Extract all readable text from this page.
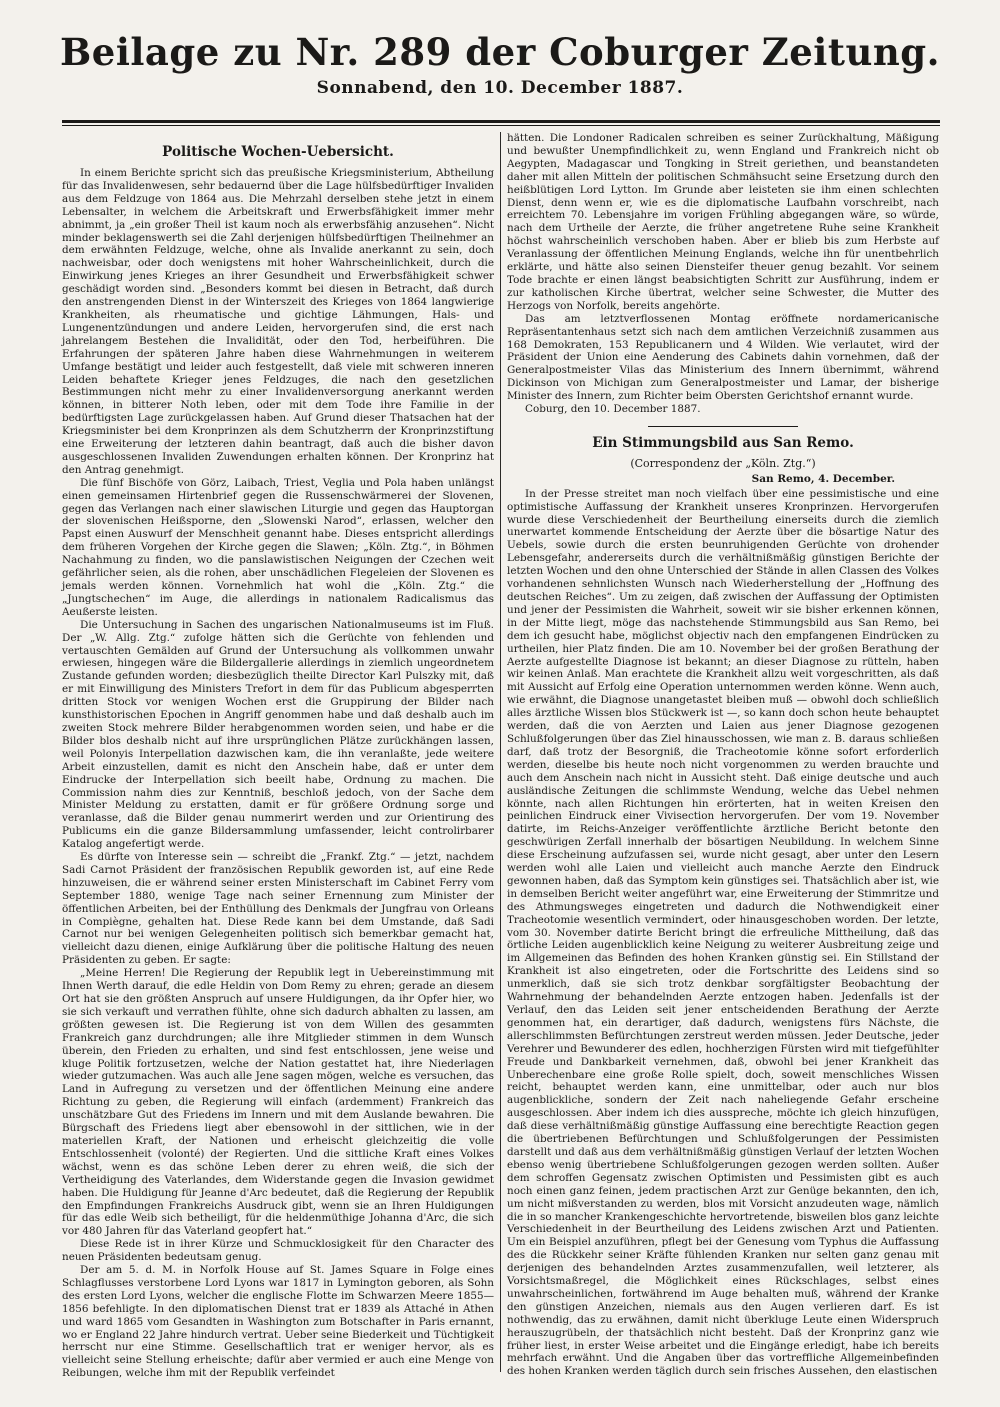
Beilage zu Nr. 289 der Coburger Zeitung.
Sonnabend, den 10. December 1887.
Politische Wochen-Uebersicht.

In einem Berichte spricht sich das preußische Kriegsministerium, Abtheilung für das Invalidenwesen, sehr bedauernd über die Lage hülfsbedürftiger Invaliden aus dem Feldzuge von 1864 aus. Die Mehrzahl derselben stehe jetzt in einem Lebensalter, in welchem die Arbeitskraft und Erwerbsfähigkeit immer mehr abnimmt, ja „ein großer Theil ist kaum noch als erwerbsfähig anzusehen“. Nicht minder beklagenswerth sei die Zahl derjenigen hülfsbedürftigen Theilnehmer an dem erwähnten Feldzuge, welche, ohne als Invalide anerkannt zu sein, doch nachweisbar, oder doch wenigstens mit hoher Wahrscheinlichkeit, durch die Einwirkung jenes Krieges an ihrer Gesundheit und Erwerbsfähigkeit schwer geschädigt worden sind. „Besonders kommt bei diesen in Betracht, daß durch den anstrengenden Dienst in der Winterszeit des Krieges von 1864 langwierige Krankheiten, als rheumatische und gichtige Lähmungen, Hals- und Lungenentzündungen und andere Leiden, hervorgerufen sind, die erst nach jahrelangem Bestehen die Invalidität, oder den Tod, herbeiführen. Die Erfahrungen der späteren Jahre haben diese Wahrnehmungen in weiterem Umfange bestätigt und leider auch festgestellt, daß viele mit schweren inneren Leiden behaftete Krieger jenes Feldzuges, die nach den gesetzlichen Bestimmungen nicht mehr zu einer Invalidenversorgung anerkannt werden können, in bitterer Noth leben, oder mit dem Tode ihre Familie in der bedürftigsten Lage zurückgelassen haben. Auf Grund dieser Thatsachen hat der Kriegsminister bei dem Kronprinzen als dem Schutzherrn der Kronprinzstiftung eine Erweiterung der letzteren dahin beantragt, daß auch die bisher davon ausgeschlossenen Invaliden Zuwendungen erhalten können. Der Kronprinz hat den Antrag genehmigt.

Die fünf Bischöfe von Görz, Laibach, Triest, Veglia und Pola haben unlängst einen gemeinsamen Hirtenbrief gegen die Russenschwärmerei der Slovenen, gegen das Verlangen nach einer slawischen Liturgie und gegen das Hauptorgan der slovenischen Heißsporne, den „Slowenski Narod“, erlassen, welcher den Papst einen Auswurf der Menschheit genannt habe. Dieses entspricht allerdings dem früheren Vorgehen der Kirche gegen die Slawen; „Köln. Ztg.“, in Böhmen Nachahmung zu finden, wo die panslawistischen Neigungen der Czechen weit gefährlicher seien, als die rohen, aber unschädlichen Flegeleien der Slovenen es jemals werden können. Vornehmlich hat wohl die „Köln. Ztg.“ die „Jungtschechen“ im Auge, die allerdings in nationalem Radicalismus das Aeußerste leisten.

Die Untersuchung in Sachen des ungarischen Nationalmuseums ist im Fluß. Der „W. Allg. Ztg.“ zufolge hätten sich die Gerüchte von fehlenden und vertauschten Gemälden auf Grund der Untersuchung als vollkommen unwahr erwiesen, hingegen wäre die Bildergallerie allerdings in ziemlich ungeordnetem Zustande gefunden worden; diesbezüglich theilte Director Karl Pulszky mit, daß er mit Einwilligung des Ministers Trefort in dem für das Publicum abgesperrten dritten Stock vor wenigen Wochen erst die Gruppirung der Bilder nach kunsthistorischen Epochen in Angriff genommen habe und daß deshalb auch im zweiten Stock mehrere Bilder herabgenommen worden seien, und habe er die Bilder blos deshalb nicht auf ihre ursprünglichen Plätze zurückhängen lassen, weil Polonyis Interpellation dazwischen kam, die ihn veranlaßte, jede weitere Arbeit einzustellen, damit es nicht den Anschein habe, daß er unter dem Eindrucke der Interpellation sich beeilt habe, Ordnung zu machen. Die Commission nahm dies zur Kenntniß, beschloß jedoch, von der Sache dem Minister Meldung zu erstatten, damit er für größere Ordnung sorge und veranlasse, daß die Bilder genau nummerirt werden und zur Orientirung des Publicums ein die ganze Bildersammlung umfassender, leicht controlirbarer Katalog angefertigt werde.

Es dürfte von Interesse sein — schreibt die „Frankf. Ztg.“ — jetzt, nachdem Sadi Carnot Präsident der französischen Republik geworden ist, auf eine Rede hinzuweisen, die er während seiner ersten Ministerschaft im Cabinet Ferry vom September 1880, wenige Tage nach seiner Ernennung zum Minister der öffentlichen Arbeiten, bei der Enthüllung des Denkmals der Jungfrau von Orleans in Compiègne, gehalten hat. Diese Rede kann bei dem Umstande, daß Sadi Carnot nur bei wenigen Gelegenheiten politisch sich bemerkbar gemacht hat, vielleicht dazu dienen, einige Aufklärung über die politische Haltung des neuen Präsidenten zu geben. Er sagte:

„Meine Herren! Die Regierung der Republik legt in Uebereinstimmung mit Ihnen Werth darauf, die edle Heldin von Dom Remy zu ehren; gerade an diesem Ort hat sie den größten Anspruch auf unsere Huldigungen, da ihr Opfer hier, wo sie sich verkauft und verrathen fühlte, ohne sich dadurch abhalten zu lassen, am größten gewesen ist. Die Regierung ist von dem Willen des gesammten Frankreich ganz durchdrungen; alle ihre Mitglieder stimmen in dem Wunsch überein, den Frieden zu erhalten, und sind fest entschlossen, jene weise und kluge Politik fortzusetzen, welche der Nation gestattet hat, ihre Niederlagen wieder gutzumachen. Was auch alle Jene sagen mögen, welche es versuchen, das Land in Aufregung zu versetzen und der öffentlichen Meinung eine andere Richtung zu geben, die Regierung will einfach (ardemment) Frankreich das unschätzbare Gut des Friedens im Innern und mit dem Auslande bewahren. Die Bürgschaft des Friedens liegt aber ebensowohl in der sittlichen, wie in der materiellen Kraft, der Nationen und erheischt gleichzeitig die volle Entschlossenheit (volonté) der Regierten. Und die sittliche Kraft eines Volkes wächst, wenn es das schöne Leben derer zu ehren weiß, die sich der Vertheidigung des Vaterlandes, dem Widerstande gegen die Invasion gewidmet haben. Die Huldigung für Jeanne d'Arc bedeutet, daß die Regierung der Republik den Empfindungen Frankreichs Ausdruck gibt, wenn sie an Ihren Huldigungen für das edle Weib sich betheiligt, für die heldenmüthige Johanna d'Arc, die sich vor 480 Jahren für das Vaterland geopfert hat.“

Diese Rede ist in ihrer Kürze und Schmucklosigkeit für den Character des neuen Präsidenten bedeutsam genug.

Der am 5. d. M. in Norfolk House auf St. James Square in Folge eines Schlagflusses verstorbene Lord Lyons war 1817 in Lymington geboren, als Sohn des ersten Lord Lyons, welcher die englische Flotte im Schwarzen Meere 1855—1856 befehligte. In den diplomatischen Dienst trat er 1839 als Attaché in Athen und ward 1865 vom Gesandten in Washington zum Botschafter in Paris ernannt, wo er England 22 Jahre hindurch vertrat. Ueber seine Biederkeit und Tüchtigkeit herrscht nur eine Stimme. Gesellschaftlich trat er weniger hervor, als es vielleicht seine Stellung erheischte; dafür aber vermied er auch eine Menge von Reibungen, welche ihm mit der Republik verfeindet

hätten. Die Londoner Radicalen schreiben es seiner Zurückhaltung, Mäßigung und bewußter Unempfindlichkeit zu, wenn England und Frankreich nicht ob Aegypten, Madagascar und Tongking in Streit geriethen, und beanstandeten daher mit allen Mitteln der politischen Schmähsucht seine Ersetzung durch den heißblütigen Lord Lytton. Im Grunde aber leisteten sie ihm einen schlechten Dienst, denn wenn er, wie es die diplomatische Laufbahn vorschreibt, nach erreichtem 70. Lebensjahre im vorigen Frühling abgegangen wäre, so würde, nach dem Urtheile der Aerzte, die früher angetretene Ruhe seine Krankheit höchst wahrscheinlich verschoben haben. Aber er blieb bis zum Herbste auf Veranlassung der öffentlichen Meinung Englands, welche ihn für unentbehrlich erklärte, und hätte also seinen Diensteifer theuer genug bezahlt. Vor seinem Tode brachte er einen längst beabsichtigten Schritt zur Ausführung, indem er zur katholischen Kirche übertrat, welcher seine Schwester, die Mutter des Herzogs von Norfolk, bereits angehörte.

Das am letztverflossenen Montag eröffnete nordamericanische Repräsentantenhaus setzt sich nach dem amtlichen Verzeichniß zusammen aus 168 Demokraten, 153 Republicanern und 4 Wilden. Wie verlautet, wird der Präsident der Union eine Aenderung des Cabinets dahin vornehmen, daß der Generalpostmeister Vilas das Ministerium des Innern übernimmt, während Dickinson von Michigan zum Generalpostmeister und Lamar, der bisherige Minister des Innern, zum Richter beim Obersten Gerichtshof ernannt wurde.

Coburg, den 10. December 1887.

Ein Stimmungsbild aus San Remo.
(Correspondenz der „Köln. Ztg.“)
San Remo, 4. December.

In der Presse streitet man noch vielfach über eine pessimistische und eine optimistische Auffassung der Krankheit unseres Kronprinzen. Hervorgerufen wurde diese Verschiedenheit der Beurtheilung einerseits durch die ziemlich unerwartet kommende Entscheidung der Aerzte über die bösartige Natur des Uebels, sowie durch die ersten beunruhigenden Gerüchte von drohender Lebensgefahr, andererseits durch die verhältnißmäßig günstigen Berichte der letzten Wochen und den ohne Unterschied der Stände in allen Classen des Volkes vorhandenen sehnlichsten Wunsch nach Wiederherstellung der „Hoffnung des deutschen Reiches“. Um zu zeigen, daß zwischen der Auffassung der Optimisten und jener der Pessimisten die Wahrheit, soweit wir sie bisher erkennen können, in der Mitte liegt, möge das nachstehende Stimmungsbild aus San Remo, bei dem ich gesucht habe, möglichst objectiv nach den empfangenen Eindrücken zu urtheilen, hier Platz finden. Die am 10. November bei der großen Berathung der Aerzte aufgestellte Diagnose ist bekannt; an dieser Diagnose zu rütteln, haben wir keinen Anlaß. Man erachtete die Krankheit allzu weit vorgeschritten, als daß mit Aussicht auf Erfolg eine Operation unternommen werden könne. Wenn auch, wie erwähnt, die Diagnose unangetastet bleiben muß — obwohl doch schließlich alles ärztliche Wissen blos Stückwerk ist —, so kann doch schon heute behauptet werden, daß die von Aerzten und Laien aus jener Diagnose gezogenen Schlußfolgerungen über das Ziel hinausschossen, wie man z. B. daraus schließen darf, daß trotz der Besorgniß, die Tracheotomie könne sofort erforderlich werden, dieselbe bis heute noch nicht vorgenommen zu werden brauchte und auch dem Anschein nach nicht in Aussicht steht. Daß einige deutsche und auch ausländische Zeitungen die schlimmste Wendung, welche das Uebel nehmen könnte, nach allen Richtungen hin erörterten, hat in weiten Kreisen den peinlichen Eindruck einer Vivisection hervorgerufen. Der vom 19. November datirte, im Reichs-Anzeiger veröffentlichte ärztliche Bericht betonte den geschwürigen Zerfall innerhalb der bösartigen Neubildung. In welchem Sinne diese Erscheinung aufzufassen sei, wurde nicht gesagt, aber unter den Lesern werden wohl alle Laien und vielleicht auch manche Aerzte den Eindruck gewonnen haben, daß das Symptom kein günstiges sei. Thatsächlich aber ist, wie in demselben Bericht weiter angeführt war, eine Erweiterung der Stimmritze und des Athmungsweges eingetreten und dadurch die Nothwendigkeit einer Tracheotomie wesentlich vermindert, oder hinausgeschoben worden. Der letzte, vom 30. November datirte Bericht bringt die erfreuliche Mittheilung, daß das örtliche Leiden augenblicklich keine Neigung zu weiterer Ausbreitung zeige und im Allgemeinen das Befinden des hohen Kranken günstig sei. Ein Stillstand der Krankheit ist also eingetreten, oder die Fortschritte des Leidens sind so unmerklich, daß sie sich trotz denkbar sorgfältigster Beobachtung der Wahrnehmung der behandelnden Aerzte entzogen haben. Jedenfalls ist der Verlauf, den das Leiden seit jener entscheidenden Berathung der Aerzte genommen hat, ein derartiger, daß dadurch, wenigstens fürs Nächste, die allerschlimmsten Befürchtungen zerstreut werden müssen. Jeder Deutsche, jeder Verehrer und Bewunderer des edlen, hochherzigen Fürsten wird mit tiefgefühlter Freude und Dankbarkeit vernehmen, daß, obwohl bei jener Krankheit das Unberechenbare eine große Rolle spielt, doch, soweit menschliches Wissen reicht, behauptet werden kann, eine unmittelbar, oder auch nur blos augenblickliche, sondern der Zeit nach naheliegende Gefahr erscheine ausgeschlossen. Aber indem ich dies ausspreche, möchte ich gleich hinzufügen, daß diese verhältnißmäßig günstige Auffassung eine berechtigte Reaction gegen die übertriebenen Befürchtungen und Schlußfolgerungen der Pessimisten darstellt und daß aus dem verhältnißmäßig günstigen Verlauf der letzten Wochen ebenso wenig übertriebene Schlußfolgerungen gezogen werden sollten. Außer dem schroffen Gegensatz zwischen Optimisten und Pessimisten gibt es auch noch einen ganz feinen, jedem practischen Arzt zur Genüge bekannten, den ich, um nicht mißverstanden zu werden, blos mit Vorsicht anzudeuten wage, nämlich die in so mancher Krankengeschichte hervortretende, bisweilen blos ganz leichte Verschiedenheit in der Beurtheilung des Leidens zwischen Arzt und Patienten. Um ein Beispiel anzuführen, pflegt bei der Genesung vom Typhus die Auffassung des die Rückkehr seiner Kräfte fühlenden Kranken nur selten ganz genau mit derjenigen des behandelnden Arztes zusammenzufallen, weil letzterer, als Vorsichtsmaßregel, die Möglichkeit eines Rückschlages, selbst eines unwahrscheinlichen, fortwährend im Auge behalten muß, während der Kranke den günstigen Anzeichen, niemals aus den Augen verlieren darf. Es ist nothwendig, das zu erwähnen, damit nicht überkluge Leute einen Widerspruch herauszugrübeln, der thatsächlich nicht besteht. Daß der Kronprinz ganz wie früher liest, in erster Weise arbeitet und die Eingänge erledigt, habe ich bereits mehrfach erwähnt. Und die Angaben über das vortreffliche Allgemeinbefinden des hohen Kranken werden täglich durch sein frisches Aussehen, den elastischen
